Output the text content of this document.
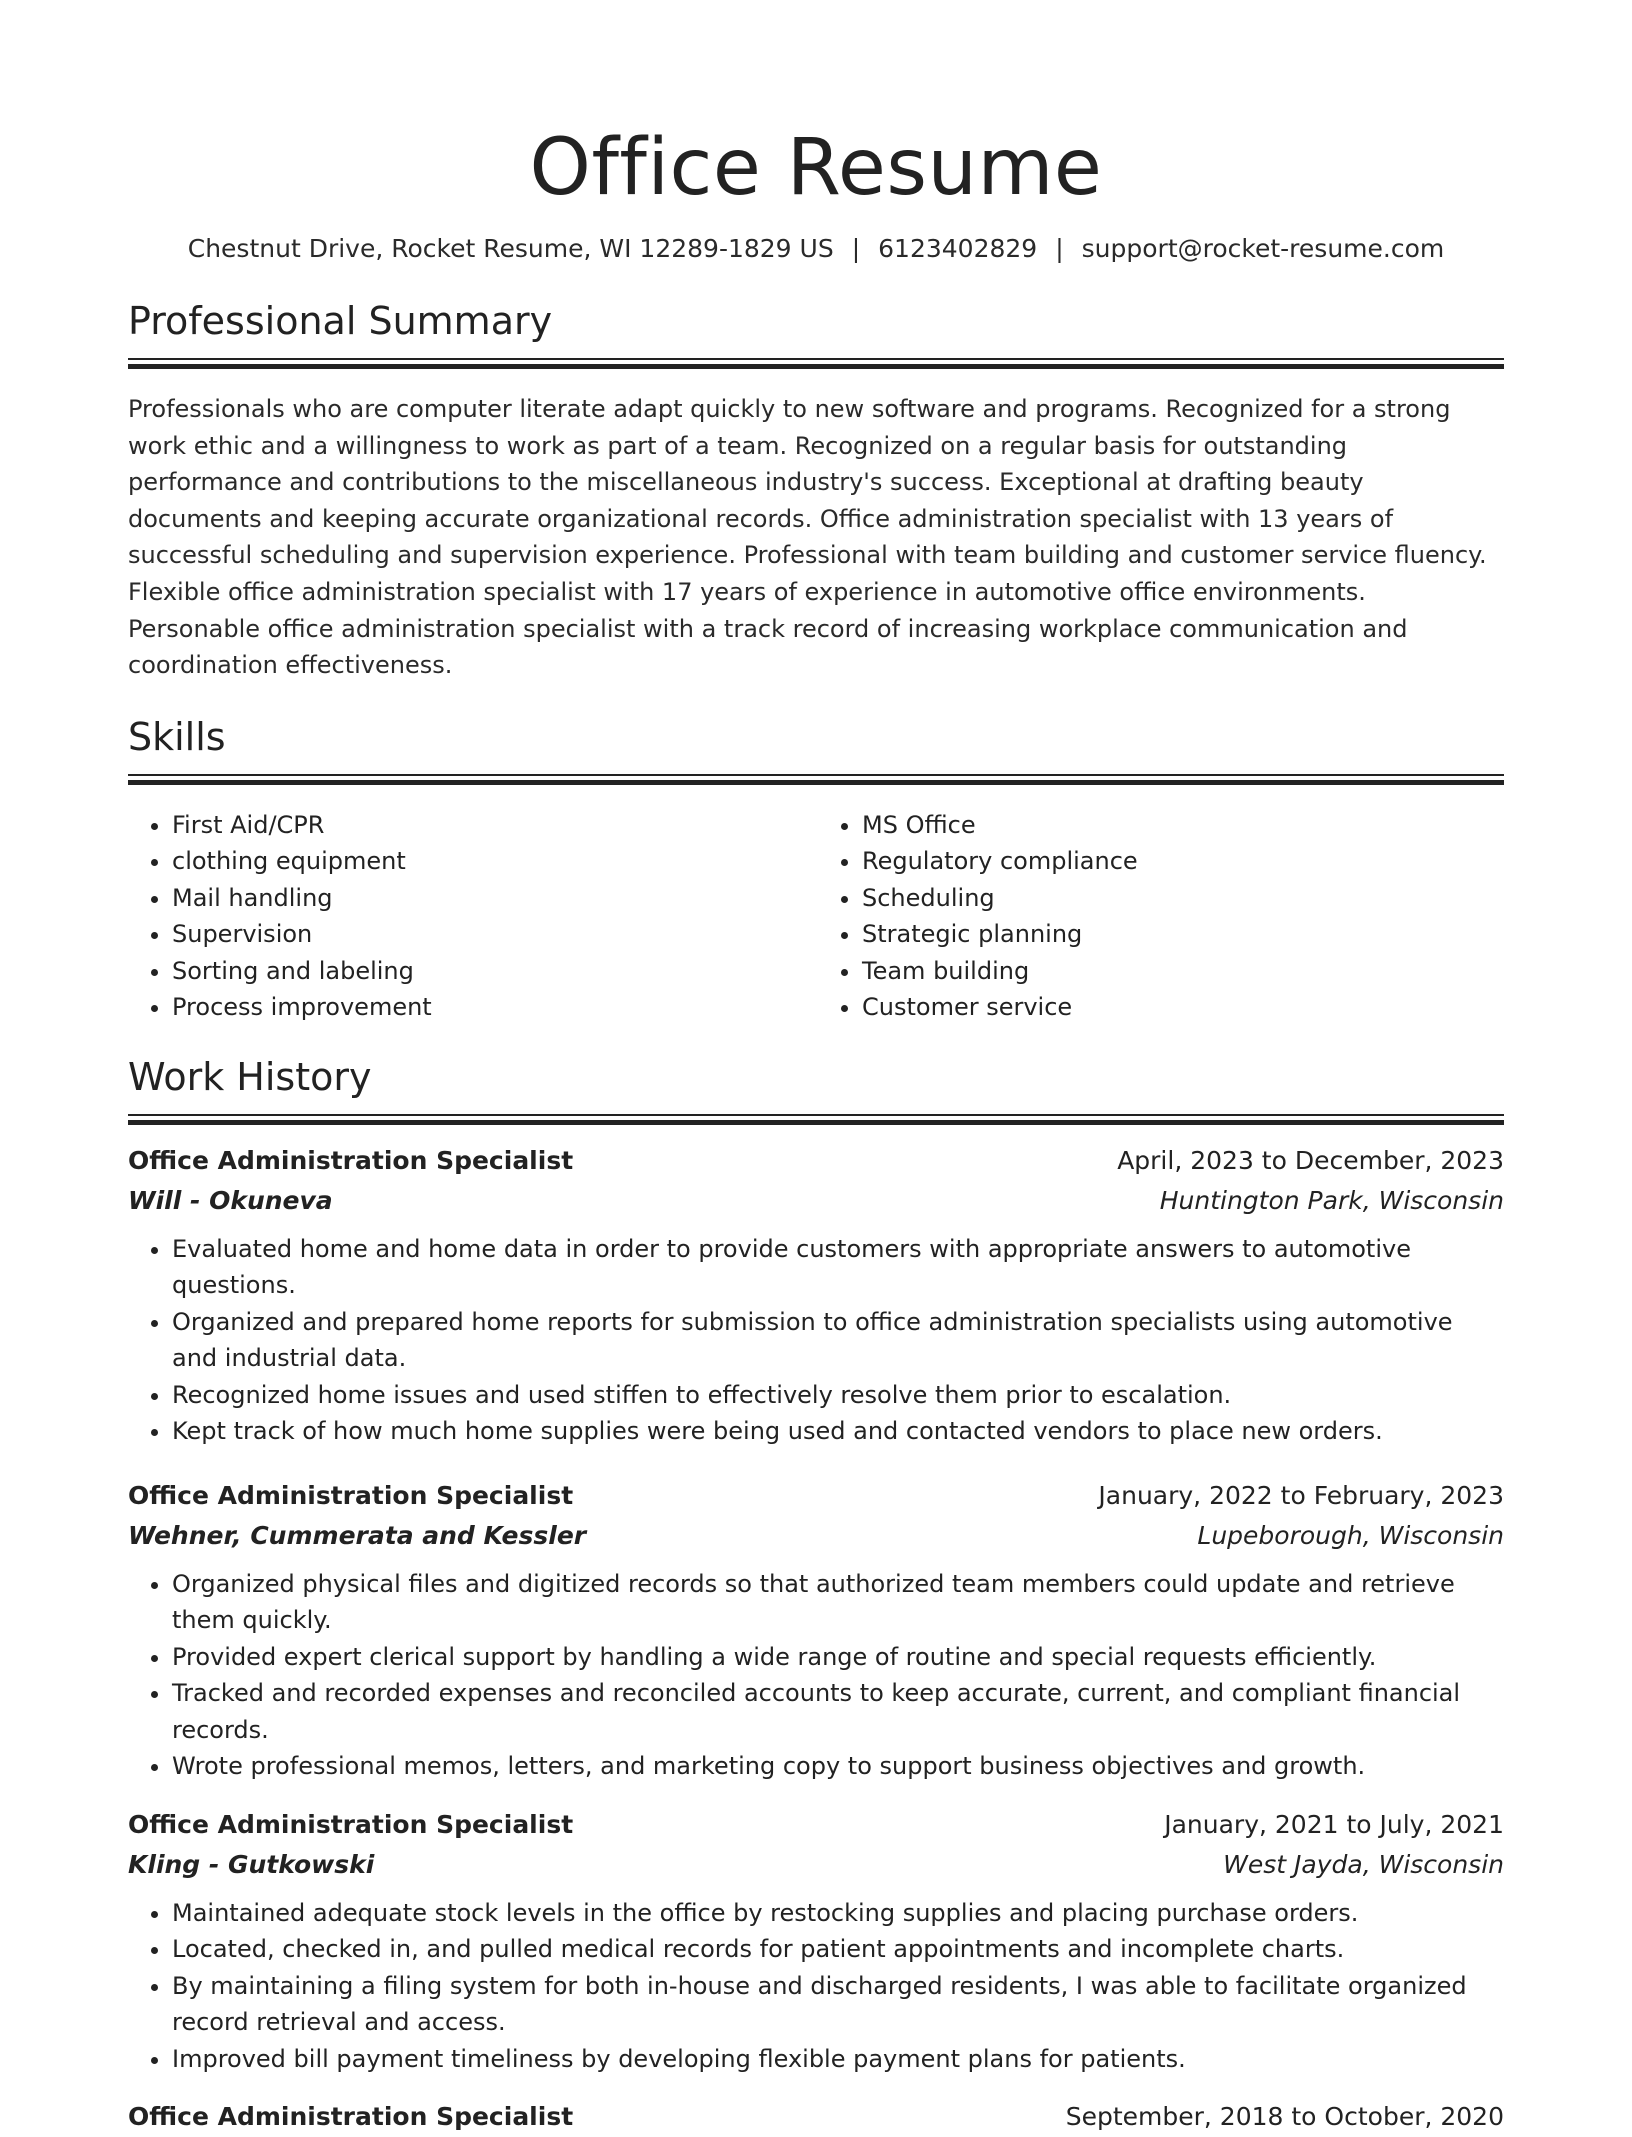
Office Resume
Chestnut Drive, Rocket Resume, WI 12289-1829 US | 6123402829 | support@rocket-resume.com
Professional Summary

Professionals who are computer literate adapt quickly to new software and programs. Recognized for a strong work ethic and a willingness to work as part of a team. Recognized on a regular basis for outstanding performance and contributions to the miscellaneous industry's success. Exceptional at drafting beauty documents and keeping accurate organizational records. Office administration specialist with 13 years of successful scheduling and supervision experience. Professional with team building and customer service fluency. Flexible office administration specialist with 17 years of experience in automotive office environments. Personable office administration specialist with a track record of increasing workplace communication and coordination effectiveness.

Skills
• First Aid/CPR
• clothing equipment
• Mail handling
• Supervision
• Sorting and labeling
• Process improvement
• MS Office
• Regulatory compliance
• Scheduling
• Strategic planning
• Team building
• Customer service
Work History
Office Administration Specialist	April, 2023 to December, 2023
Will - Okuneva	Huntington Park, Wisconsin
• Evaluated home and home data in order to provide customers with appropriate answers to automotive questions.
• Organized and prepared home reports for submission to office administration specialists using automotive and industrial data.
• Recognized home issues and used stiffen to effectively resolve them prior to escalation.
• Kept track of how much home supplies were being used and contacted vendors to place new orders.
Office Administration Specialist	January, 2022 to February, 2023
Wehner, Cummerata and Kessler	Lupeborough, Wisconsin
• Organized physical files and digitized records so that authorized team members could update and retrieve them quickly.
• Provided expert clerical support by handling a wide range of routine and special requests efficiently.
• Tracked and recorded expenses and reconciled accounts to keep accurate, current, and compliant financial records.
• Wrote professional memos, letters, and marketing copy to support business objectives and growth.
Office Administration Specialist	January, 2021 to July, 2021
Kling - Gutkowski	West Jayda, Wisconsin
• Maintained adequate stock levels in the office by restocking supplies and placing purchase orders.
• Located, checked in, and pulled medical records for patient appointments and incomplete charts.
• By maintaining a filing system for both in-house and discharged residents, I was able to facilitate organized record retrieval and access.
• Improved bill payment timeliness by developing flexible payment plans for patients.
Office Administration Specialist	September, 2018 to October, 2020
